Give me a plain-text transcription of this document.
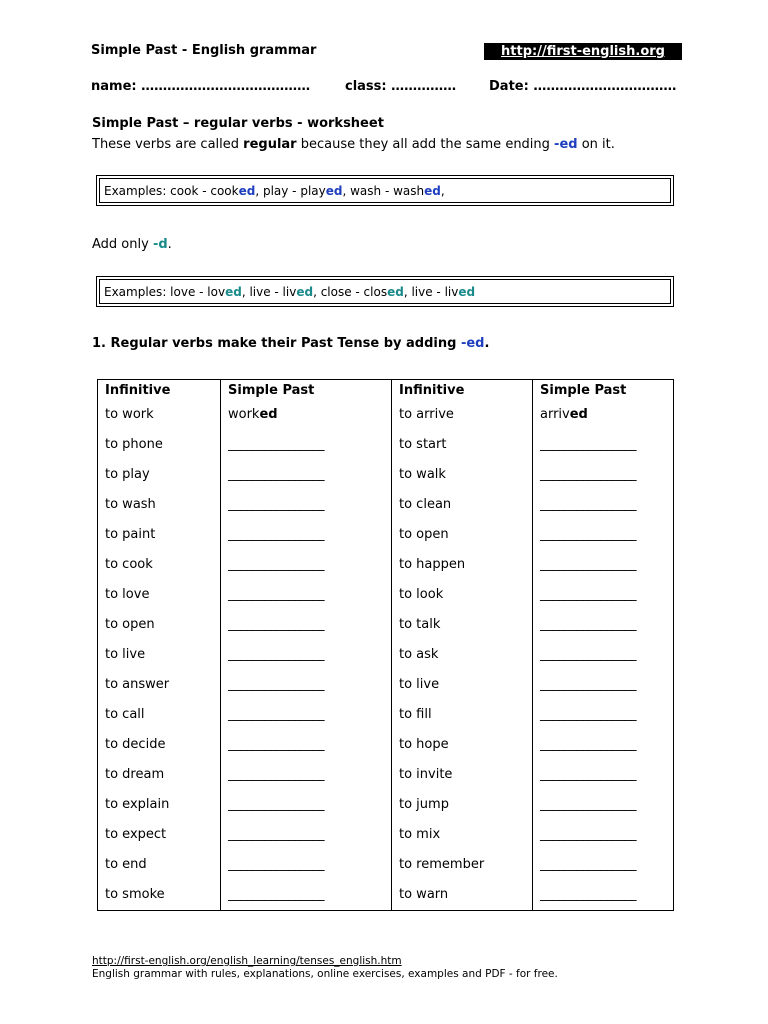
Simple Past - English grammar	http://first-english.org
name: …………………………………	class: ……………	Date: ……………………………
Simple Past – regular verbs - worksheet
These verbs are called regular because they all add the same ending -ed on it.
Examples: cook - cooked, play - played, wash - washed,
Add only -d.
Examples: love - loved, live - lived, close - closed, live - lived
1. Regular verbs make their Past Tense by adding -ed.
Infinitive	Simple Past	Infinitive	Simple Past
to work	worked	to arrive	arrived
to phone	________________	to start	________________
to play	________________	to walk	________________
to wash	________________	to clean	________________
to paint	________________	to open	________________
to cook	________________	to happen	________________
to love	________________	to look	________________
to open	________________	to talk	________________
to live	________________	to ask	________________
to answer	________________	to live	________________
to call	________________	to fill	________________
to decide	________________	to hope	________________
to dream	________________	to invite	________________
to explain	________________	to jump	________________
to expect	________________	to mix	________________
to end	________________	to remember	________________
to smoke	________________	to warn	________________
http://first-english.org/english_learning/tenses_english.htm
English grammar with rules, explanations, online exercises, examples and PDF - for free.
